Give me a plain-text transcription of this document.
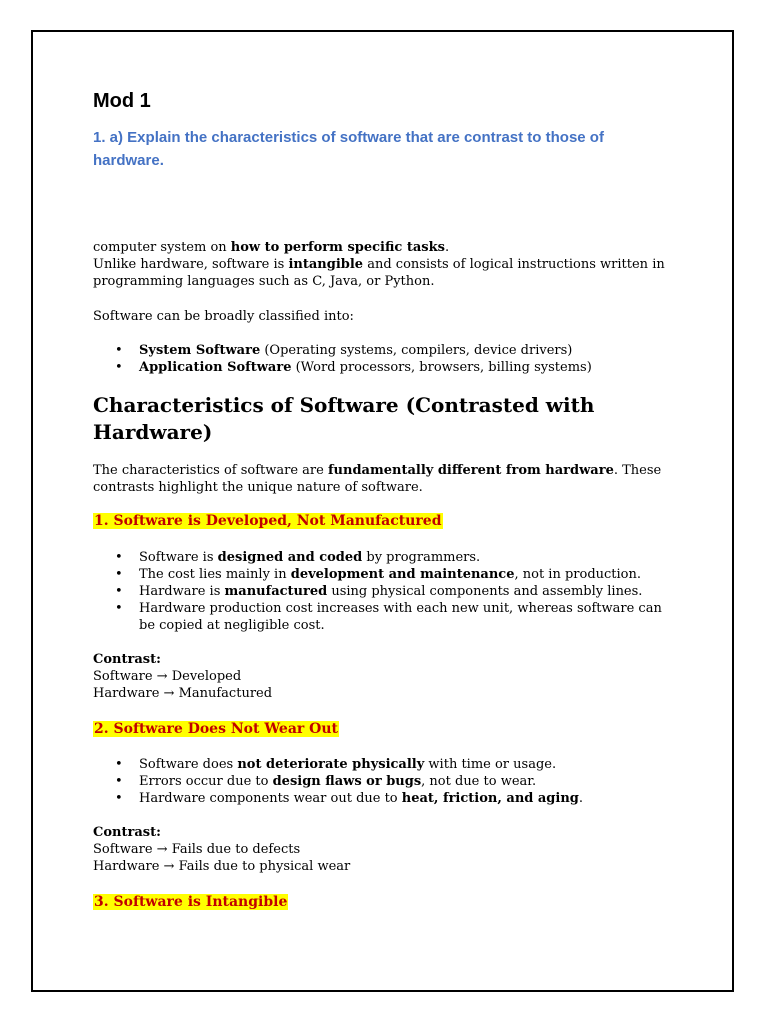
Mod 1
1. a) Explain the characteristics of software that are contrast to those of hardware.

computer system on how to perform specific tasks.

Unlike hardware, software is intangible and consists of logical instructions written in programming languages such as C, Java, or Python.

Software can be broadly classified into:

• System Software (Operating systems, compilers, device drivers)
• Application Software (Word processors, browsers, billing systems)
Characteristics of Software (Contrasted with Hardware)

The characteristics of software are fundamentally different from hardware. These contrasts highlight the unique nature of software.

1. Software is Developed, Not Manufactured
• Software is designed and coded by programmers.
• The cost lies mainly in development and maintenance, not in production.
• Hardware is manufactured using physical components and assembly lines.
• Hardware production cost increases with each new unit, whereas software can be copied at negligible cost.

Contrast:

Software → Developed

Hardware → Manufactured

2. Software Does Not Wear Out
• Software does not deteriorate physically with time or usage.
• Errors occur due to design flaws or bugs, not due to wear.
• Hardware components wear out due to heat, friction, and aging.

Contrast:

Software → Fails due to defects

Hardware → Fails due to physical wear

3. Software is Intangible
